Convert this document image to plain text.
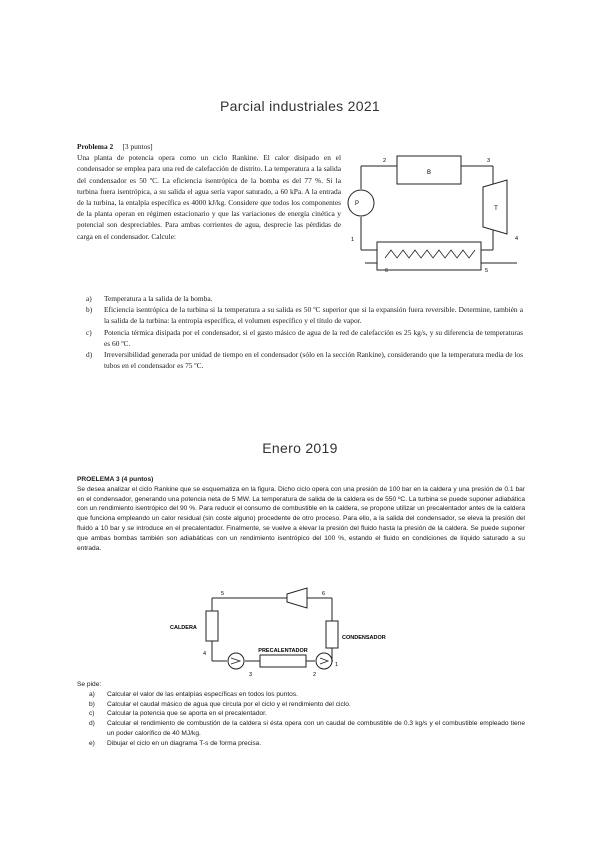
Parcial industriales 2021
Problema 2 [3 puntos]
Una planta de potencia opera como un ciclo Rankine. El calor disipado en el condensador se emplea para una red de calefacción de distrito. La temperatura a la salida del condensador es 50 ºC. La eficiencia isentrópica de la bomba es del 77 %. Si la turbina fuera isentrópica, a su salida el agua sería vapor saturado, a 60 kPa. A la entrada de la turbina, la entalpía específica es 4000 kJ/kg. Considere que todos los componentes de la planta operan en régimen estacionario y que las variaciones de energía cinética y potencial son despreciables. Para ambas corrientes de agua, desprecie las pérdidas de carga en el condensador. Calcule:
B
P
T
2	3
1	4
6	5
a)	Temperatura a la salida de la bomba.
b)	Eficiencia isentrópica de la turbina si la temperatura a su salida es 50 ºC superior que si la expansión fuera reversible. Determine, también a la salida de la turbina: la entropía específica, el volumen específico y el título de vapor.
c)	Potencia térmica disipada por el condensador, si el gasto másico de agua de la red de calefacción es 25 kg/s, y su diferencia de temperaturas es 60 ºC.
d)	Irreversibilidad generada por unidad de tiempo en el condensador (sólo en la sección Rankine), considerando que la temperatura media de los tubos en el condensador es 75 ºC.
Enero 2019
PROELEMA 3 (4 puntos)
Se desea analizar el ciclo Rankine que se esquematiza en la figura. Dicho ciclo opera con una presión de 100 bar en la caldera y una presión de 0.1 bar en el condensador, generando una potencia neta de 5 MW. La temperatura de salida de la caldera es de 550 ºC. La turbina se puede suponer adiabática con un rendimiento isentrópico del 90 %. Para reducir el consumo de combustible en la caldera, se propone utilizar un precalentador antes de la caldera que funciona empleando un calor residual (sin coste alguno) procedente de otro proceso. Para ello, a la salida del condensador, se eleva la presión del fluido a 10 bar y se introduce en el precalentador. Finalmente, se vuelve a elevar la presión del fluido hasta la presión de la caldera. Se puede suponer que ambas bombas también son adiabáticas con un rendimiento isentrópico del 100 %, estando el fluido en condiciones de líquido saturado a su entrada.
CALDERA
CONDENSADOR
PRECALENTADOR
5	6
4
3	2
1
Se pide:
a)	Calcular el valor de las entalpías específicas en todos los puntos.
b)	Calcular el caudal másico de agua que circula por el ciclo y el rendimiento del ciclo.
c)	Calcular la potencia que se aporta en el precalentador.
d)	Calcular el rendimiento de combustión de la caldera si ésta opera con un caudal de combustible de 0.3 kg/s y el combustible empleado tiene un poder calorífico de 40 MJ/kg.
e)	Dibujar el ciclo en un diagrama T-s de forma precisa.
